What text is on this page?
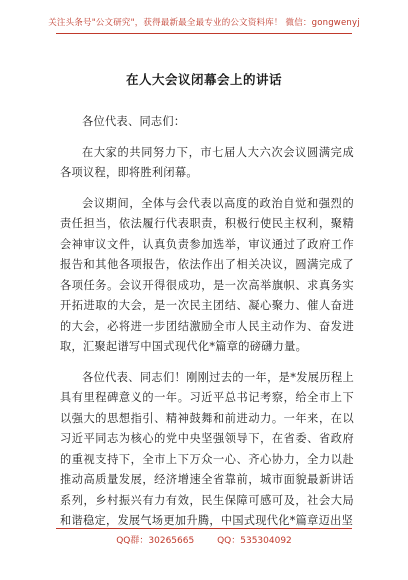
关注头条号"公文研究"，获得最新最全最专业的公文资料库！ 微信：gongwenyj
在人大会议闭幕会上的讲话

各位代表、同志们：

在大家的共同努力下，市七届人大六次会议圆满完成各项议程，即将胜利闭幕。

会议期间，全体与会代表以高度的政治自觉和强烈的责任担当，依法履行代表职责，积极行使民主权利，聚精会神审议文件，认真负责参加选举，审议通过了政府工作报告和其他各项报告，依法作出了相关决议，圆满完成了各项任务。会议开得很成功，是一次高举旗帜、求真务实开拓进取的大会，是一次民主团结、凝心聚力、催人奋进的大会，必将进一步团结激励全市人民主动作为、奋发进取，汇聚起谱写中国式现代化*篇章的磅礴力量。

各位代表、同志们！刚刚过去的一年，是*发展历程上具有里程碑意义的一年。习近平总书记考察，给全市上下以强大的思想指引、精神鼓舞和前进动力。一年来，在以习近平同志为核心的党中央坚强领导下，在省委、省政府的重视支持下，全市上下万众一心、齐心协力，全力以赴推动高质量发展，经济增速全省靠前，城市面貌最新讲话系列，乡村振兴有力有效，民生保障可感可及，社会大局和谐稳定，发展气场更加升腾，中国式现代化*篇章迈出坚

QQ群：30265665	QQ：535304092
